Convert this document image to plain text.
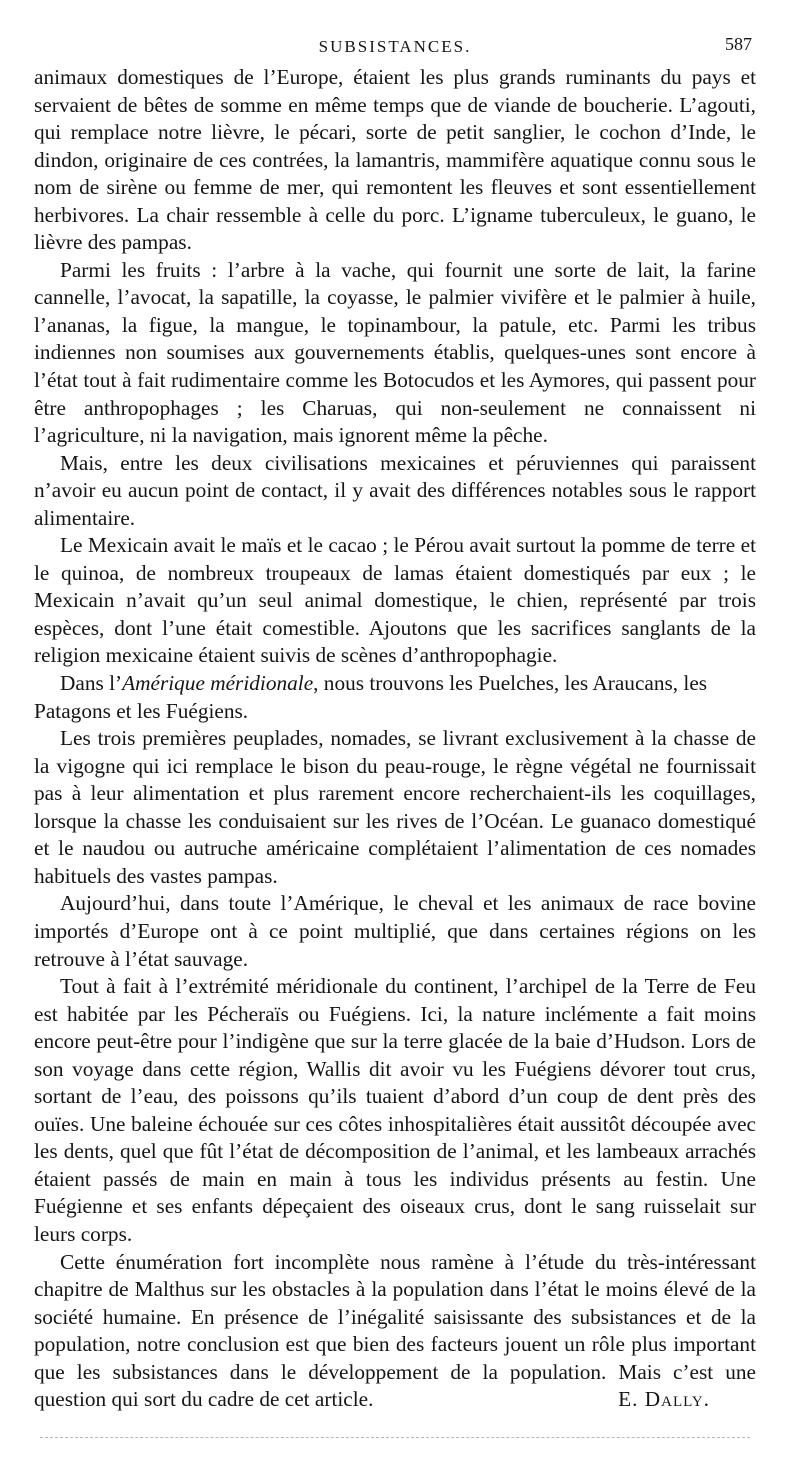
SUBSISTANCES.	587

animaux domestiques de l’Europe, étaient les plus grands ruminants du pays et servaient de bêtes de somme en même temps que de viande de boucherie. L’agouti, qui remplace notre lièvre, le pécari, sorte de petit sanglier, le cochon d’Inde, le dindon, originaire de ces contrées, la lamantris, mammifère aquatique connu sous le nom de sirène ou femme de mer, qui remontent les fleuves et sont essentiellement herbivores. La chair ressemble à celle du porc. L’igname tuberculeux, le guano, le lièvre des pampas.

Parmi les fruits : l’arbre à la vache, qui fournit une sorte de lait, la farine cannelle, l’avocat, la sapatille, la coyasse, le palmier vivifère et le palmier à huile, l’ananas, la figue, la mangue, le topinambour, la patule, etc. Parmi les tribus indiennes non soumises aux gouvernements établis, quelques-unes sont encore à l’état tout à fait rudimentaire comme les Botocudos et les Aymores, qui passent pour être anthropophages ; les Charuas, qui non-seulement ne connaissent ni l’agriculture, ni la navigation, mais ignorent même la pêche.

Mais, entre les deux civilisations mexicaines et péruviennes qui paraissent n’avoir eu aucun point de contact, il y avait des différences notables sous le rapport alimentaire.

Le Mexicain avait le maïs et le cacao ; le Pérou avait surtout la pomme de terre et le quinoa, de nombreux troupeaux de lamas étaient domestiqués par eux ; le Mexicain n’avait qu’un seul animal domestique, le chien, représenté par trois espèces, dont l’une était comestible. Ajoutons que les sacrifices sanglants de la religion mexicaine étaient suivis de scènes d’anthropophagie.

Dans l’Amérique méridionale, nous trouvons les Puelches, les Araucans, les

Patagons et les Fuégiens.

Les trois premières peuplades, nomades, se livrant exclusivement à la chasse de la vigogne qui ici remplace le bison du peau-rouge, le règne végétal ne fournissait pas à leur alimentation et plus rarement encore recherchaient-ils les coquillages, lorsque la chasse les conduisaient sur les rives de l’Océan. Le guanaco domestiqué et le naudou ou autruche américaine complétaient l’alimentation de ces nomades habituels des vastes pampas.

Aujourd’hui, dans toute l’Amérique, le cheval et les animaux de race bovine importés d’Europe ont à ce point multiplié, que dans certaines régions on les retrouve à l’état sauvage.

Tout à fait à l’extrémité méridionale du continent, l’archipel de la Terre de Feu est habitée par les Pécheraïs ou Fuégiens. Ici, la nature inclémente a fait moins encore peut-être pour l’indigène que sur la terre glacée de la baie d’Hudson. Lors de son voyage dans cette région, Wallis dit avoir vu les Fuégiens dévorer tout crus, sortant de l’eau, des poissons qu’ils tuaient d’abord d’un coup de dent près des ouïes. Une baleine échouée sur ces côtes inhospitalières était aussitôt découpée avec les dents, quel que fût l’état de décomposition de l’animal, et les lambeaux arrachés étaient passés de main en main à tous les individus présents au festin. Une Fuégienne et ses enfants dépeçaient des oiseaux crus, dont le sang ruisselait sur leurs corps.

Cette énumération fort incomplète nous ramène à l’étude du très-intéressant chapitre de Malthus sur les obstacles à la population dans l’état le moins élevé de la société humaine. En présence de l’inégalité saisissante des subsistances et de la population, notre conclusion est que bien des facteurs jouent un rôle plus important que les subsistances dans le développement de la population. Mais c’est une question qui sort du cadre de cet article.	E. Dally.
